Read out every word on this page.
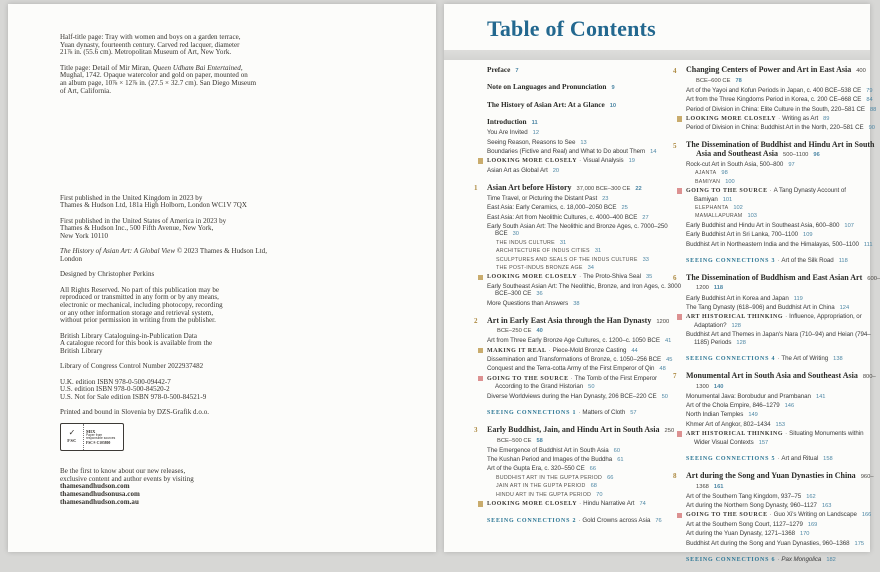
Half-title page: Tray with women and boys on a garden terrace,
Yuan dynasty, fourteenth century. Carved red lacquer, diameter
21⅞ in. (55.6 cm). Metropolitan Museum of Art, New York.
Title page: Detail of Mir Miran, Queen Udham Bai Entertained,
Mughal, 1742. Opaque watercolor and gold on paper, mounted on
an album page, 10⅞ × 12⅞ in. (27.5 × 32.7 cm). San Diego Museum
of Art, California.
First published in the United Kingdom in 2023 by
Thames & Hudson Ltd, 181a High Holborn, London WC1V 7QX
First published in the United States of America in 2023 by
Thames & Hudson Inc., 500 Fifth Avenue, New York,
New York 10110
The History of Asian Art: A Global View © 2023 Thames & Hudson Ltd,
London
Designed by Christopher Perkins
All Rights Reserved. No part of this publication may be
reproduced or transmitted in any form or by any means,
electronic or mechanical, including photocopy, recording
or any other information storage and retrieval system,
without prior permission in writing from the publisher.
British Library Cataloguing-in-Publication Data
A catalogue record for this book is available from the
British Library
Library of Congress Control Number 2022937482
U.K. edition ISBN 978-0-500-09442-7
U.S. edition ISBN 978-0-500-84520-2
U.S. Not for Sale edition ISBN 978-0-500-84521-9
Printed and bound in Slovenia by DZS-Grafik d.o.o.
✓
FSC
MIX
Paper from
responsible sources
FSC® C105800
Be the first to know about our new releases,
exclusive content and author events by visiting
thamesandhudson.com
thamesandhudsonusa.com
thamesandhudson.com.au
Table of Contents
Preface 7
Note on Languages and Pronunciation 9
The History of Asian Art: At a Glance 10
Introduction 11
You Are Invited 12
Seeing Reason, Reasons to See 13
Boundaries (Fictive and Real) and What to Do about Them 14
LOOKING MORE CLOSELY · Visual Analysis 19
Asian Art as Global Art 20
1 Asian Art before History 37,000 BCE–300 CE 22
Time Travel, or Picturing the Distant Past 23
East Asia: Early Ceramics, c. 18,000–2050 BCE 25
East Asia: Art from Neolithic Cultures, c. 4000–400 BCE 27
Early South Asian Art: The Neolithic and Bronze Ages, c. 7000–250 BCE 30
THE INDUS CULTURE 31
ARCHITECTURE OF INDUS CITIES 31
SCULPTURES AND SEALS OF THE INDUS CULTURE 33
THE POST-INDUS BRONZE AGE 34
LOOKING MORE CLOSELY · The Proto-Shiva Seal 35
Early Southeast Asian Art: The Neolithic, Bronze, and Iron Ages, c. 3000 BCE–300 CE 36
More Questions than Answers 38
2 Art in Early East Asia through the Han Dynasty 1200 BCE–250 CE 40
Art from Three Early Bronze Age Cultures, c. 1200–c. 1050 BCE 41
MAKING IT REAL · Piece-Mold Bronze Casting 44
Dissemination and Transformations of Bronze, c. 1050–256 BCE 45
Conquest and the Terra-cotta Army of the First Emperor of Qin 48
GOING TO THE SOURCE · The Tomb of the First Emperor According to the Grand Historian 50
Diverse Worldviews during the Han Dynasty, 206 BCE–220 CE 50
SEEING CONNECTIONS 1 · Matters of Cloth 57
3 Early Buddhist, Jain, and Hindu Art in South Asia 250 BCE–500 CE 58
The Emergence of Buddhist Art in South Asia 60
The Kushan Period and Images of the Buddha 61
Art of the Gupta Era, c. 320–550 CE 66
BUDDHIST ART IN THE GUPTA PERIOD 66
JAIN ART IN THE GUPTA PERIOD 68
HINDU ART IN THE GUPTA PERIOD 70
LOOKING MORE CLOSELY · Hindu Narrative Art 74
SEEING CONNECTIONS 2 · Gold Crowns across Asia 76
4 Changing Centers of Power and Art in East Asia 400 BCE–600 CE 78
Art of the Yayoi and Kofun Periods in Japan, c. 400 BCE–538 CE 79
Art from the Three Kingdoms Period in Korea, c. 200 CE–668 CE 84
Period of Division in China: Elite Culture in the South, 220–581 CE 88
LOOKING MORE CLOSELY · Writing as Art 89
Period of Division in China: Buddhist Art in the North, 220–581 CE 90
5 The Dissemination of Buddhist and Hindu Art in South Asia and Southeast Asia 500–1100 96
Rock-cut Art in South Asia, 500–800 97
AJANTA 98
BAMIYAN 100
GOING TO THE SOURCE · A Tang Dynasty Account of Bamiyan 101
ELEPHANTA 102
MAMALLAPURAM 103
Early Buddhist and Hindu Art in Southeast Asia, 600–800 107
Early Buddhist Art in Sri Lanka, 700–1100 109
Buddhist Art in Northeastern India and the Himalayas, 500–1100 111
SEEING CONNECTIONS 3 · Art of the Silk Road 118
6 The Dissemination of Buddhism and East Asian Art 600–1200 118
Early Buddhist Art in Korea and Japan 119
The Tang Dynasty (618–906) and Buddhist Art in China 124
ART HISTORICAL THINKING · Influence, Appropriation, or Adaptation? 128
Buddhist Art and Themes in Japan's Nara (710–94) and Heian (794–1185) Periods 128
SEEING CONNECTIONS 4 · The Art of Writing 138
7 Monumental Art in South Asia and Southeast Asia 800–1300 140
Monumental Java: Borobudur and Prambanan 141
Art of the Chola Empire, 846–1279 146
North Indian Temples 149
Khmer Art of Angkor, 802–1434 153
ART HISTORICAL THINKING · Situating Monuments within Wider Visual Contexts 157
SEEING CONNECTIONS 5 · Art and Ritual 158
8 Art during the Song and Yuan Dynasties in China 960–1368 161
Art of the Southern Tang Kingdom, 937–75 162
Art during the Northern Song Dynasty, 960–1127 163
GOING TO THE SOURCE · Guo Xi's Writing on Landscape 166
Art at the Southern Song Court, 1127–1279 169
Art during the Yuan Dynasty, 1271–1368 170
Buddhist Art during the Song and Yuan Dynasties, 960–1368 175
SEEING CONNECTIONS 6 · Pax Mongolica 182
